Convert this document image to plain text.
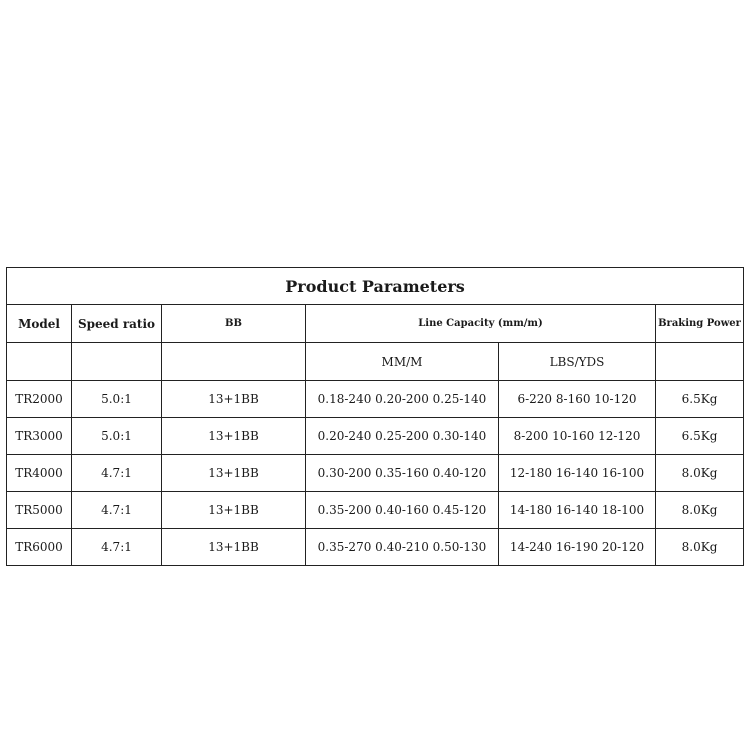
Product Parameters					
Model	Speed ratio	BB	Line Capacity (mm/m)		Braking Power
			MM/M	LBS/YDS	
TR2000	5.0:1	13+1BB	0.18-240 0.20-200 0.25-140	6-220 8-160 10-120	6.5Kg
TR3000	5.0:1	13+1BB	0.20-240 0.25-200 0.30-140	8-200 10-160 12-120	6.5Kg
TR4000	4.7:1	13+1BB	0.30-200 0.35-160 0.40-120	12-180 16-140 16-100	8.0Kg
TR5000	4.7:1	13+1BB	0.35-200 0.40-160 0.45-120	14-180 16-140 18-100	8.0Kg
TR6000	4.7:1	13+1BB	0.35-270 0.40-210 0.50-130	14-240 16-190 20-120	8.0Kg
